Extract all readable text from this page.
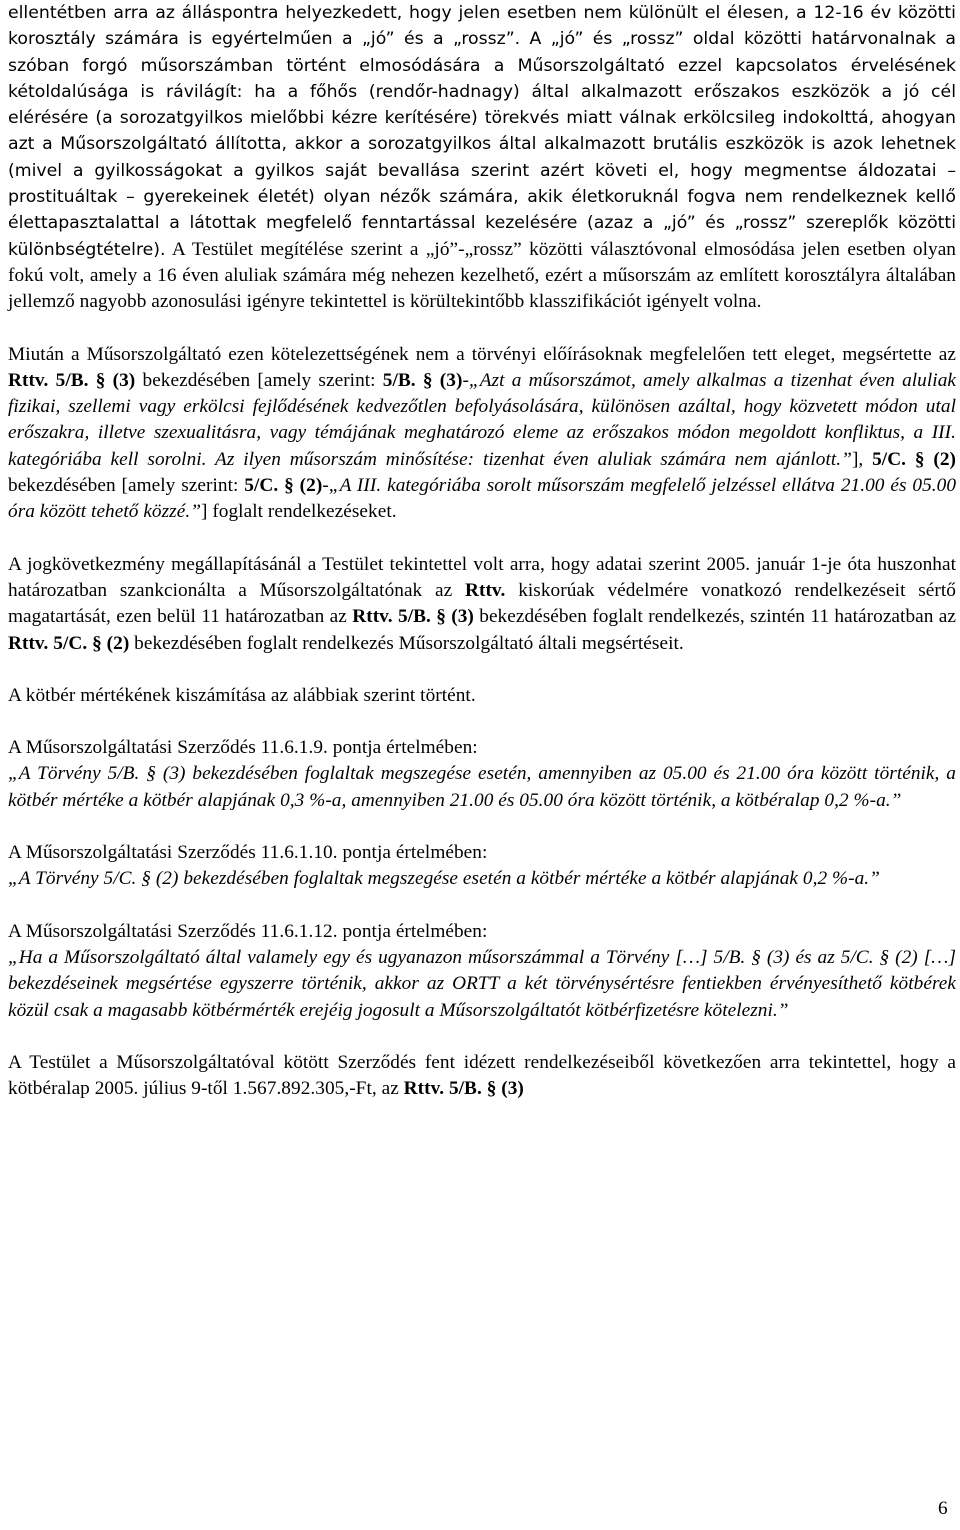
ellentétben arra az álláspontra helyezkedett, hogy jelen esetben nem különült el élesen, a 12-16 év közötti korosztály számára is egyértelműen a „jó” és a „rossz”. A „jó” és „rossz” oldal közötti határvonalnak a szóban forgó műsorszámban történt elmosódására a Műsorszolgáltató ezzel kapcsolatos érvelésének kétoldalúsága is rávilágít: ha a főhős (rendőr-hadnagy) által alkalmazott erőszakos eszközök a jó cél elérésére (a sorozatgyilkos mielőbbi kézre kerítésére) törekvés miatt válnak erkölcsileg indokolttá, ahogyan azt a Műsorszolgáltató állította, akkor a sorozatgyilkos által alkalmazott brutális eszközök is azok lehetnek (mivel a gyilkosságokat a gyilkos saját bevallása szerint azért követi el, hogy megmentse áldozatai – prostituáltak – gyerekeinek életét) olyan nézők számára, akik életkoruknál fogva nem rendelkeznek kellő élettapasztalattal a látottak megfelelő fenntartással kezelésére (azaz a „jó” és „rossz” szereplők közötti különbségtételre). A Testület megítélése szerint a „jó”-„rossz” közötti választóvonal elmosódása jelen esetben olyan fokú volt, amely a 16 éven aluliak számára még nehezen kezelhető, ezért a műsorszám az említett korosztályra általában jellemző nagyobb azonosulási igényre tekintettel is körültekintőbb klasszifikációt igényelt volna.

Miután a Műsorszolgáltató ezen kötelezettségének nem a törvényi előírásoknak megfelelően tett eleget, megsértette az Rttv. 5/B. § (3) bekezdésében [amely szerint: 5/B. § (3)-„Azt a műsorszámot, amely alkalmas a tizenhat éven aluliak fizikai, szellemi vagy erkölcsi fejlődésének kedvezőtlen befolyásolására, különösen azáltal, hogy közvetett módon utal erőszakra, illetve szexualitásra, vagy témájának meghatározó eleme az erőszakos módon megoldott konfliktus, a III. kategóriába kell sorolni. Az ilyen műsorszám minősítése: tizenhat éven aluliak számára nem ajánlott.”], 5/C. § (2) bekezdésében [amely szerint: 5/C. § (2)-„A III. kategóriába sorolt műsorszám megfelelő jelzéssel ellátva 21.00 és 05.00 óra között tehető közzé.”] foglalt rendelkezéseket.

A jogkövetkezmény megállapításánál a Testület tekintettel volt arra, hogy adatai szerint 2005. január 1-je óta huszonhat határozatban szankcionálta a Műsorszolgáltatónak az Rttv. kiskorúak védelmére vonatkozó rendelkezéseit sértő magatartását, ezen belül 11 határozatban az Rttv. 5/B. § (3) bekezdésében foglalt rendelkezés, szintén 11 határozatban az Rttv. 5/C. § (2) bekezdésében foglalt rendelkezés Műsorszolgáltató általi megsértéseit.

A kötbér mértékének kiszámítása az alábbiak szerint történt.

A Műsorszolgáltatási Szerződés 11.6.1.9. pontja értelmében:

„A Törvény 5/B. § (3) bekezdésében foglaltak megszegése esetén, amennyiben az 05.00 és 21.00 óra között történik, a kötbér mértéke a kötbér alapjának 0,3 %-a, amennyiben 21.00 és 05.00 óra között történik, a kötbéralap 0,2 %-a.”

A Műsorszolgáltatási Szerződés 11.6.1.10. pontja értelmében:

„A Törvény 5/C. § (2) bekezdésében foglaltak megszegése esetén a kötbér mértéke a kötbér alapjának 0,2 %-a.”

A Műsorszolgáltatási Szerződés 11.6.1.12. pontja értelmében:

„Ha a Műsorszolgáltató által valamely egy és ugyanazon műsorszámmal a Törvény […] 5/B. § (3) és az 5/C. § (2) […] bekezdéseinek megsértése egyszerre történik, akkor az ORTT a két törvénysértésre fentiekben érvényesíthető kötbérek közül csak a magasabb kötbérmérték erejéig jogosult a Műsorszolgáltatót kötbérfizetésre kötelezni.”

A Testület a Műsorszolgáltatóval kötött Szerződés fent idézett rendelkezéseiből következően arra tekintettel, hogy a kötbéralap 2005. július 9-től 1.567.892.305,-Ft, az Rttv. 5/B. § (3)

6
